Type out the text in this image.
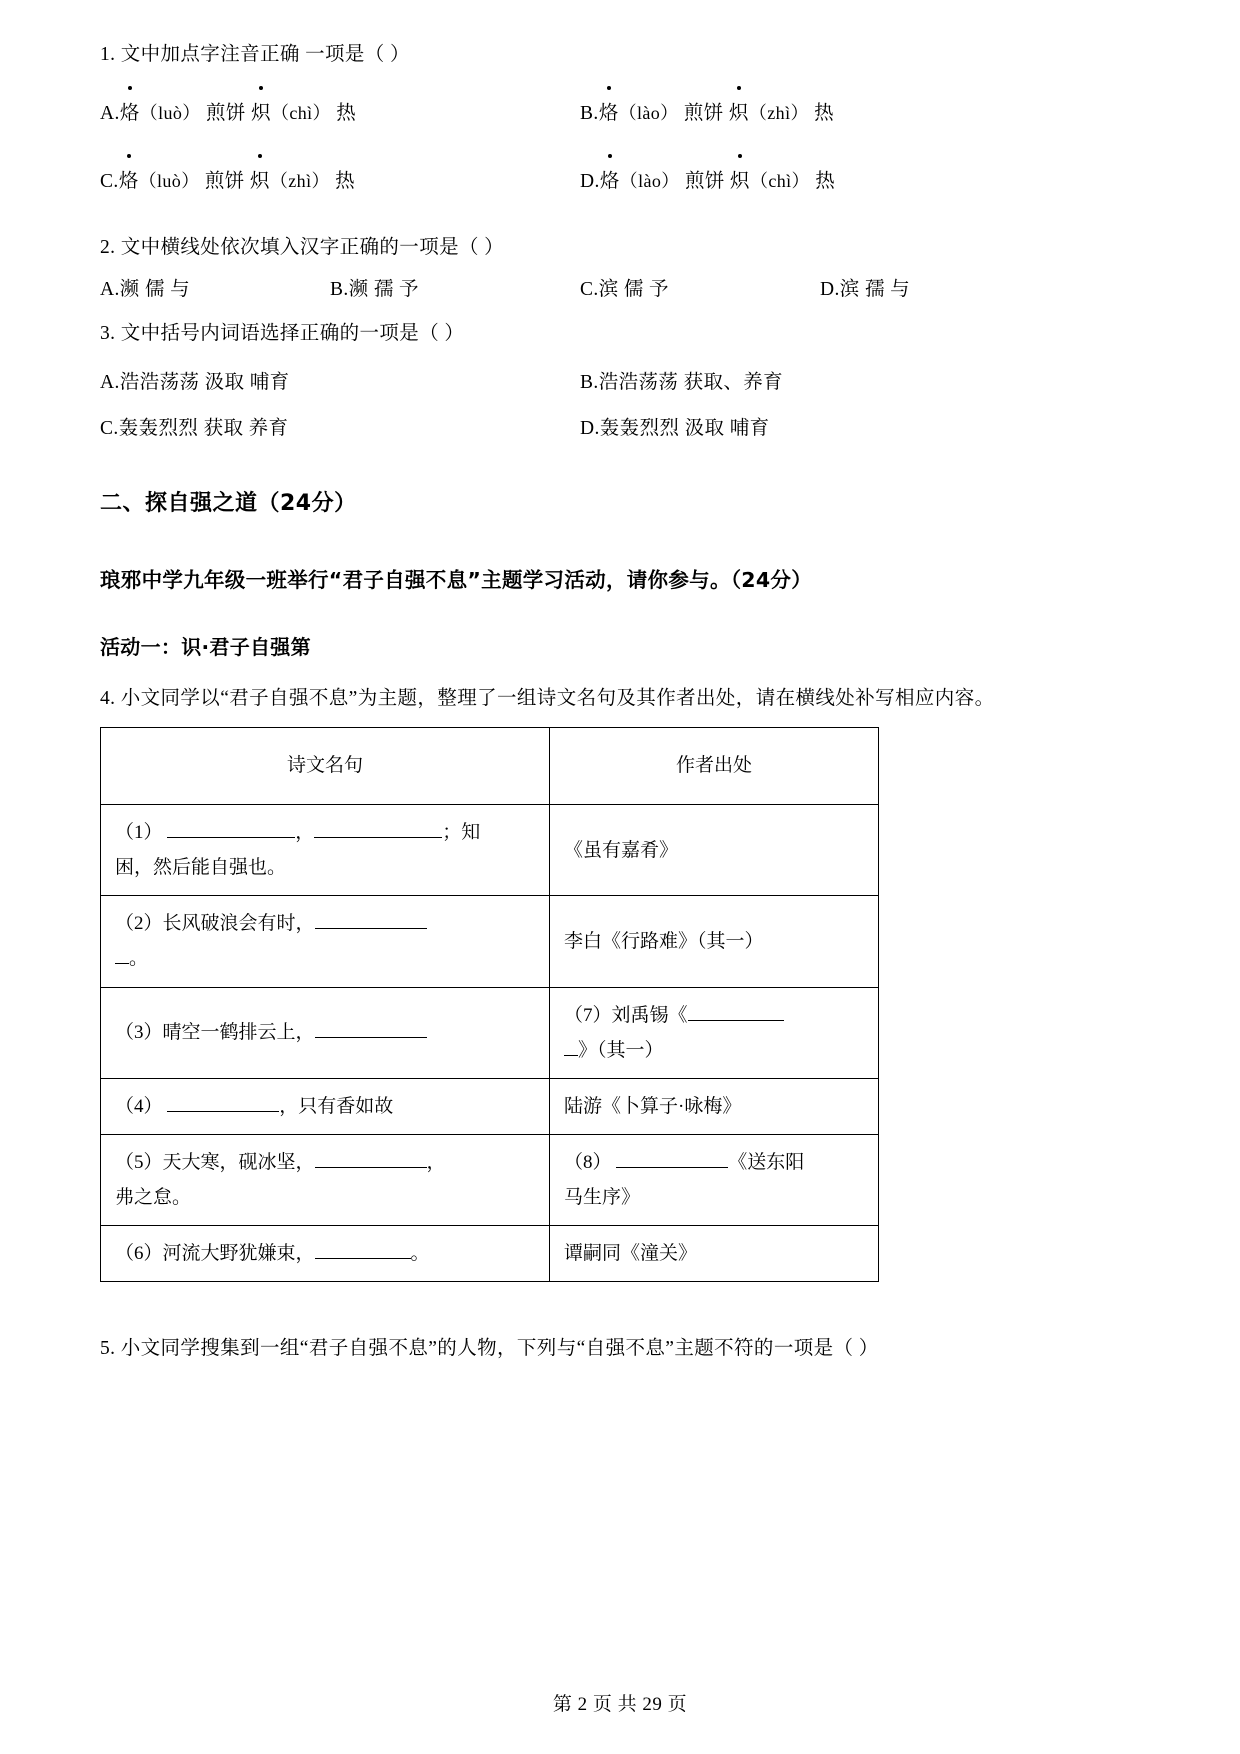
1. 文中加点字注音正确 一项是（ ）
A.烙（luò） 煎饼 炽（chì） 热	B.烙（lào） 煎饼 炽（zhì） 热
C.烙（luò） 煎饼 炽（zhì） 热	D.烙（lào） 煎饼 炽（chì） 热
2. 文中横线处依次填入汉字正确的一项是（ ）
A.濒 儒 与	B.濒 孺 予	C.滨 儒 予	D.滨 孺 与
3. 文中括号内词语选择正确的一项是（ ）
A.浩浩荡荡 汲取 哺育	B.浩浩荡荡 获取、养育
C.轰轰烈烈 获取 养育	D.轰轰烈烈 汲取 哺育
二、探自强之道（24分）
琅邪中学九年级一班举行“君子自强不息”主题学习活动，请你参与。（24分）
活动一：识·君子自强第
4. 小文同学以“君子自强不息”为主题，整理了一组诗文名句及其作者出处，请在横线处补写相应内容。
诗文名句	作者出处
（1） ， ；知
困，然后能自强也。	《虽有嘉肴》
（2）长风破浪会有时，
。	李白《行路难》（其一）
（3）晴空一鹤排云上，	（7）刘禹锡《
》（其一）
（4） ，只有香如故	陆游《卜算子·咏梅》
（5）天大寒，砚冰坚， ，
弗之怠。	（8） 《送东阳
马生序》
（6）河流大野犹嫌束， 。	谭嗣同《潼关》
5. 小文同学搜集到一组“君子自强不息”的人物，下列与“自强不息”主题不符的一项是（ ）
第 2 页 共 29 页
